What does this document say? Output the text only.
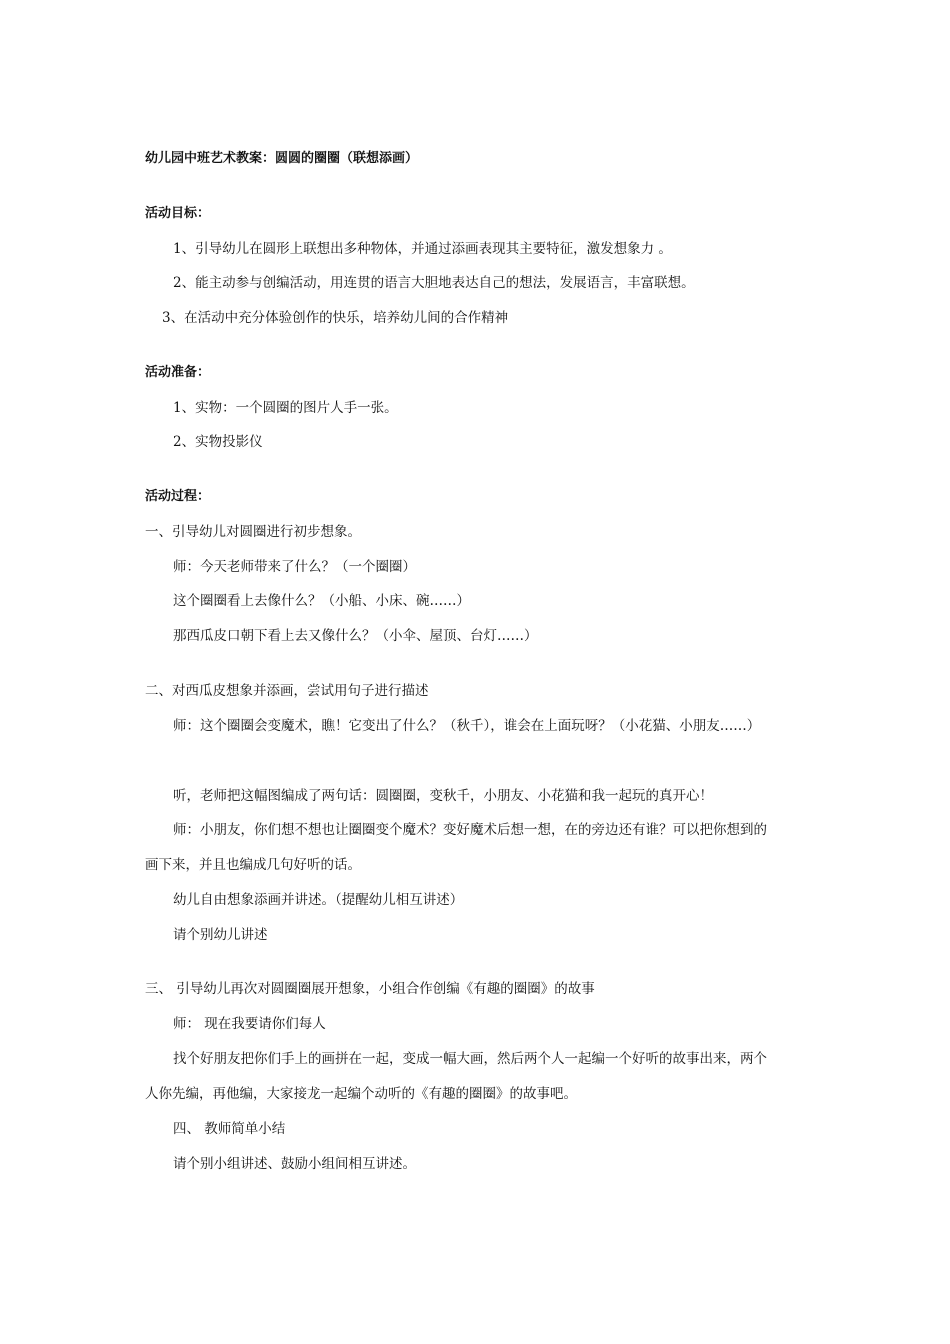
幼儿园中班艺术教案：圆圆的圈圈（联想添画）

活动目标：

1、引导幼儿在圆形上联想出多种物体，并通过添画表现其主要特征，激发想象力 。

2、能主动参与创编活动，用连贯的语言大胆地表达自己的想法，发展语言，丰富联想。

3、在活动中充分体验创作的快乐，培养幼儿间的合作精神

活动准备：

1、实物：一个圆圈的图片人手一张。

2、实物投影仪

活动过程：

一、引导幼儿对圆圈进行初步想象。

师：今天老师带来了什么？（一个圈圈）

这个圈圈看上去像什么？（小船、小床、碗……）

那西瓜皮口朝下看上去又像什么？（小伞、屋顶、台灯……）

二、对西瓜皮想象并添画，尝试用句子进行描述

师：这个圈圈会变魔术，瞧！它变出了什么？（秋千），谁会在上面玩呀？（小花猫、小朋友……）

听，老师把这幅图编成了两句话：圆圈圈，变秋千，小朋友、小花猫和我一起玩的真开心！

师：小朋友，你们想不想也让圈圈变个魔术？变好魔术后想一想，在的旁边还有谁？可以把你想到的

画下来，并且也编成几句好听的话。

幼儿自由想象添画并讲述。（提醒幼儿相互讲述）

请个别幼儿讲述

三、 引导幼儿再次对圆圈圈展开想象，小组合作创编《有趣的圈圈》的故事

师： 现在我要请你们每人

找个好朋友把你们手上的画拼在一起，变成一幅大画，然后两个人一起编一个好听的故事出来，两个

人你先编，再他编，大家接龙一起编个动听的《有趣的圈圈》的故事吧。

四、 教师简单小结

请个别小组讲述、鼓励小组间相互讲述。
